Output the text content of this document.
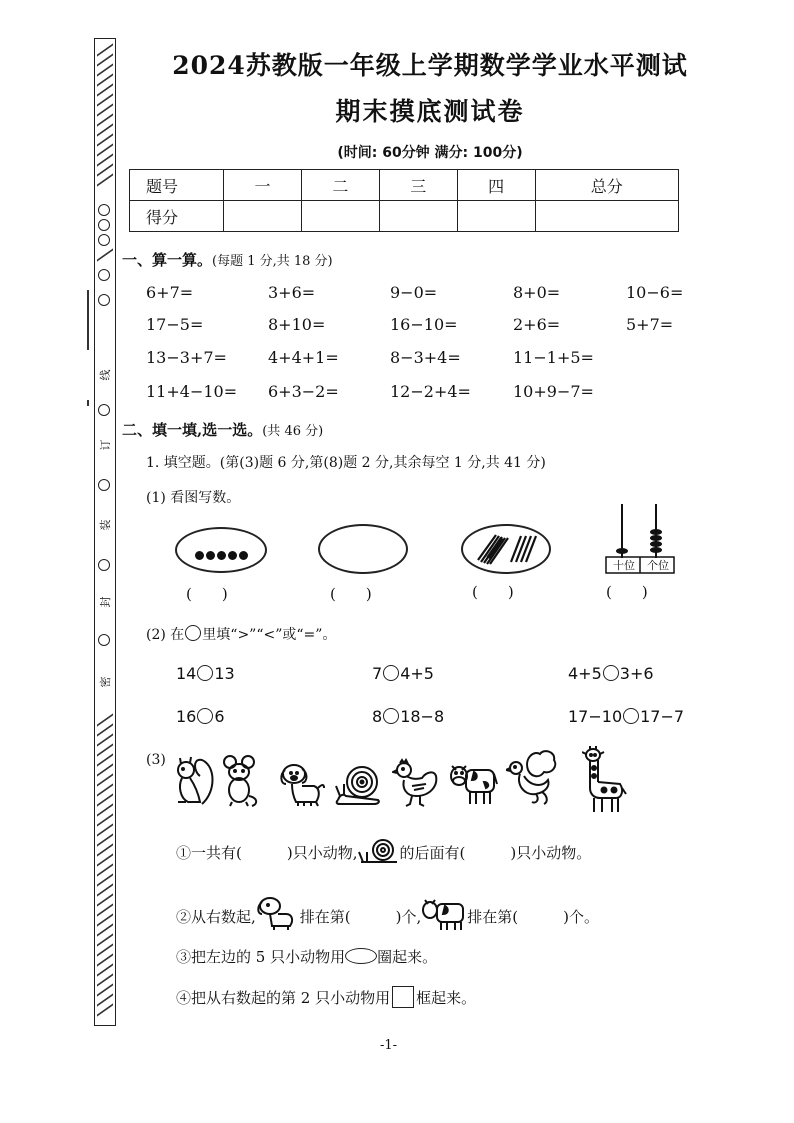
线
订
装
封
密
2024苏教版一年级上学期数学学业水平测试
期末摸底测试卷
(时间: 60分钟 满分: 100分)
题号	一	二	三	四	总分
得分					
一、算一算。(每题 1 分,共 18 分)
6+7=	3+6=	9−0=	8+0=	10−6=
17−5=	8+10=	16−10=	2+6=	5+7=
13−3+7=	4+4+1=	8−3+4=	11−1+5=
11+4−10= 6+3−2=	12−2+4=	10+9−7=
二、填一填,选一选。(共 46 分)
1. 填空题。(第(3)题 6 分,第(8)题 2 分,其余每空 1 分,共 41 分)
(1) 看图写数。
十位	个位
(　　)	(　　)	(　　)	(　　)
(2) 在 里填“>”“<”或“=”。
14 13	7 4+5	4+5 3+6
16 6	8 18−8	17−10 17−7
(3)
①一共有(　　　)只小动物,	的后面有(　　　)只小动物。
②从右数起,	排在第(　　　)个,	排在第(　　　)个。
③把左边的 5 只小动物用 圈起来。
④把从右数起的第 2 只小动物用 框起来。
-1-
